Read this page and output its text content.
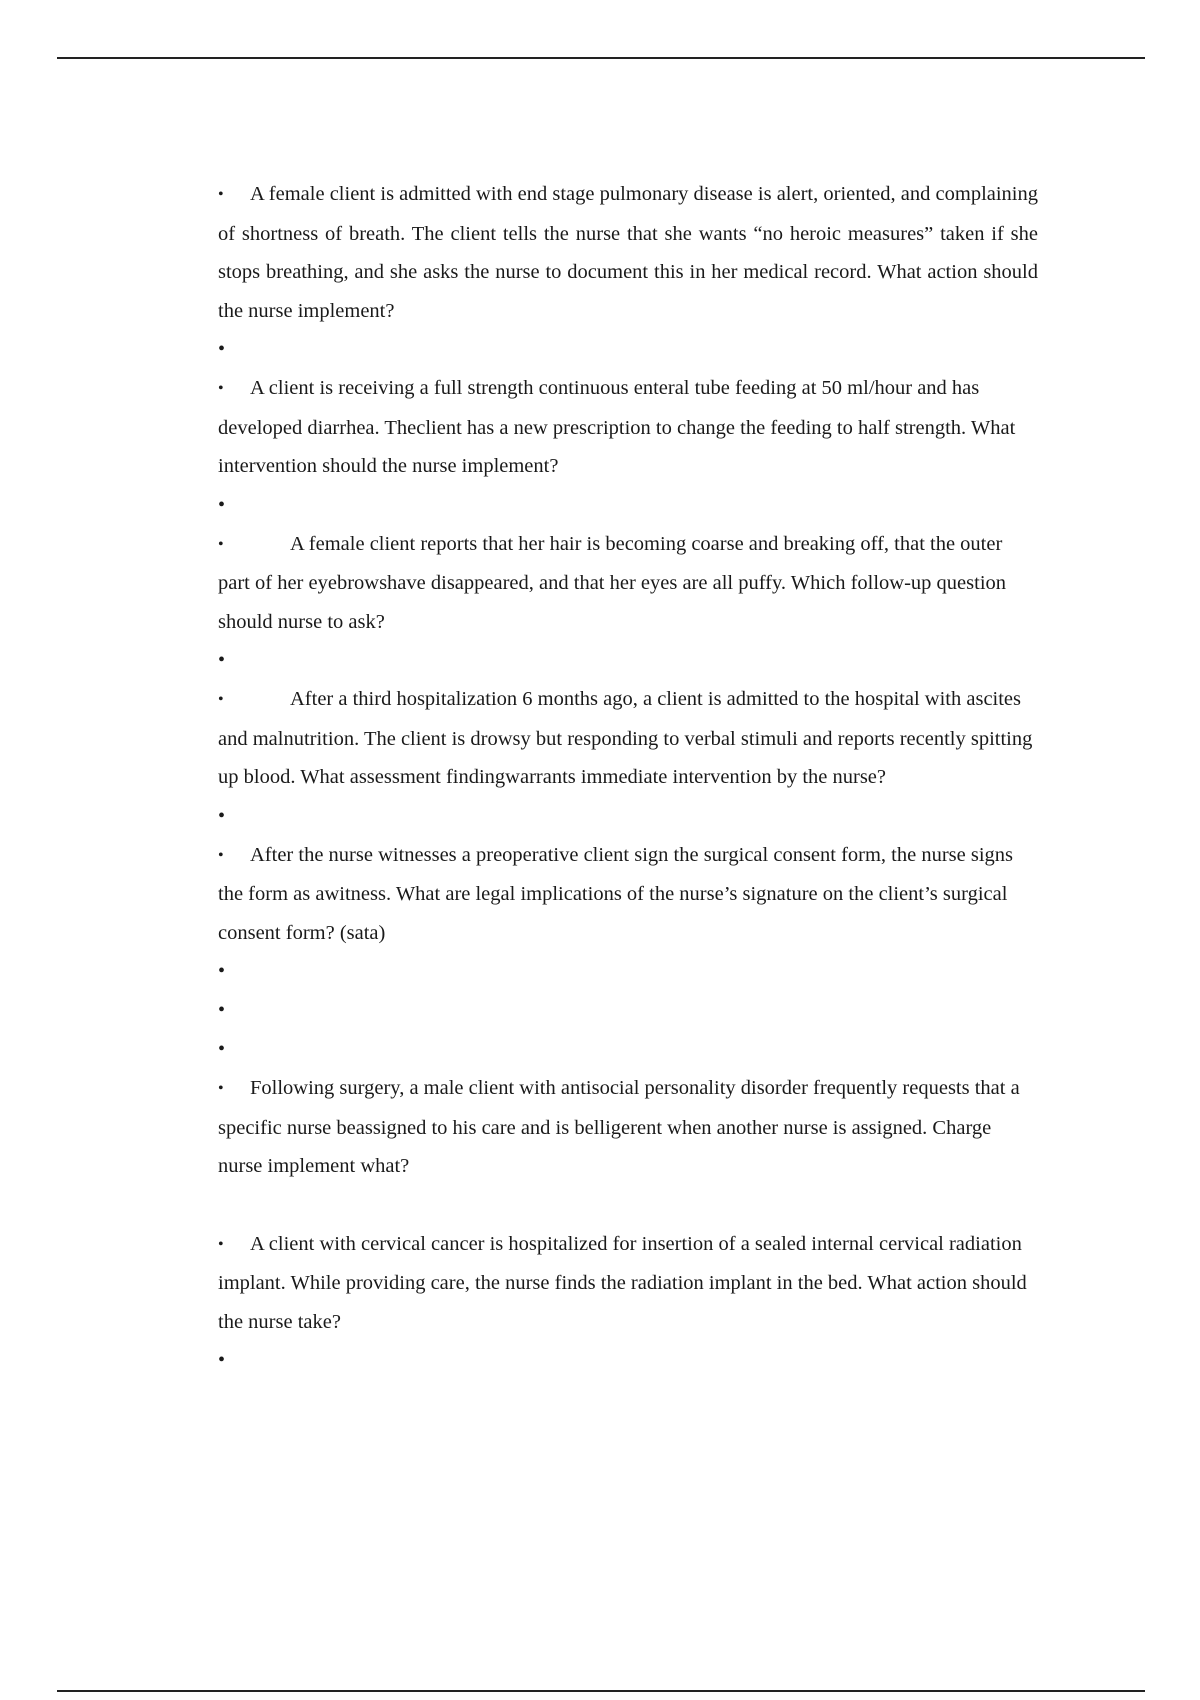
• A female client is admitted with end stage pulmonary disease is alert, oriented, and complaining of shortness of breath. The client tells the nurse that she wants “no heroic measures” taken if she stops breathing, and she asks the nurse to document this in her medical record. What action should the nurse implement?

•

• A client is receiving a full strength continuous enteral tube feeding at 50 ml/hour and has developed diarrhea. Theclient has a new prescription to change the feeding to half strength. What intervention should the nurse implement?

•

•	A female client reports that her hair is becoming coarse and breaking off, that the outer part of her eyebrowshave disappeared, and that her eyes are all puffy. Which follow-up question should nurse to ask?

•

•	After a third hospitalization 6 months ago, a client is admitted to the hospital with ascites and malnutrition. The client is drowsy but responding to verbal stimuli and reports recently spitting up blood. What assessment findingwarrants immediate intervention by the nurse?

•

• After the nurse witnesses a preoperative client sign the surgical consent form, the nurse signs the form as awitness. What are legal implications of the nurse’s signature on the client’s surgical consent form? (sata)

•

•

•

• Following surgery, a male client with antisocial personality disorder frequently requests that a specific nurse beassigned to his care and is belligerent when another nurse is assigned. Charge nurse implement what?

• A client with cervical cancer is hospitalized for insertion of a sealed internal cervical radiation implant. While providing care, the nurse finds the radiation implant in the bed. What action should the nurse take?

•
